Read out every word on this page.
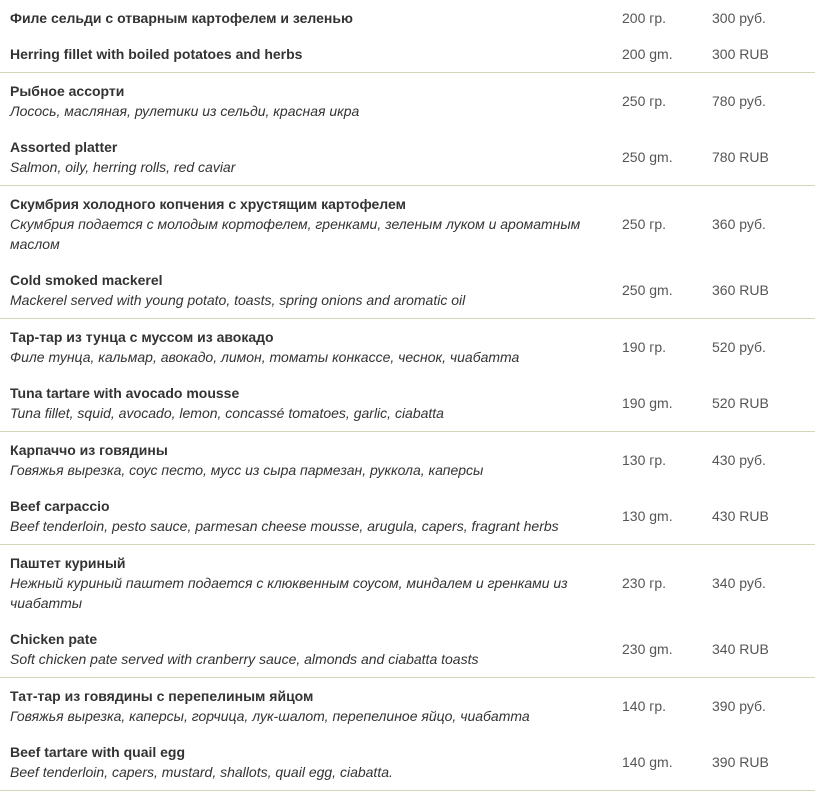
Филе сельди с отварным картофелем и зеленью	200 гр.	300 руб.
Herring fillet with boiled potatoes and herbs	200 gm.	300 RUB
Рыбное ассорти
Лосось, масляная, рулетики из сельди, красная икра
250 гр.	780 руб.
Assorted platter
Salmon, oily, herring rolls, red caviar
250 gm.	780 RUB
Скумбрия холодного копчения с хрустящим картофелем
Скумбрия подается с молодым кортофелем, гренками, зеленым луком и ароматным маслом
250 гр.	360 руб.
Cold smoked mackerel
Mackerel served with young potato, toasts, spring onions and aromatic oil
250 gm.	360 RUB
Тар-тар из тунца с муссом из авокадо
Филе тунца, кальмар, авокадо, лимон, томаты конкассе, чеснок, чиабатта
190 гр.	520 руб.
Tuna tartare with avocado mousse
Tuna fillet, squid, avocado, lemon, concassé tomatoes, garlic, ciabatta
190 gm.	520 RUB
Карпаччо из говядины
Говяжья вырезка, соус песто, мусс из сыра пармезан, руккола, каперсы
130 гр.	430 руб.
Beef carpaccio
Beef tenderloin, pesto sauce, parmesan cheese mousse, arugula, capers, fragrant herbs
130 gm.	430 RUB
Паштет куриный
Нежный куриный паштет подается с клюквенным соусом, миндалем и гренками из чиабатты
230 гр.	340 руб.
Chicken pate
Soft chicken pate served with cranberry sauce, almonds and ciabatta toasts
230 gm.	340 RUB
Тат-тар из говядины с перепелиным яйцом
Говяжья вырезка, каперсы, горчица, лук-шалот, перепелиное яйцо, чиабатта
140 гр.	390 руб.
Beef tartare with quail egg
Beef tenderloin, capers, mustard, shallots, quail egg, ciabatta.
140 gm.	390 RUB
